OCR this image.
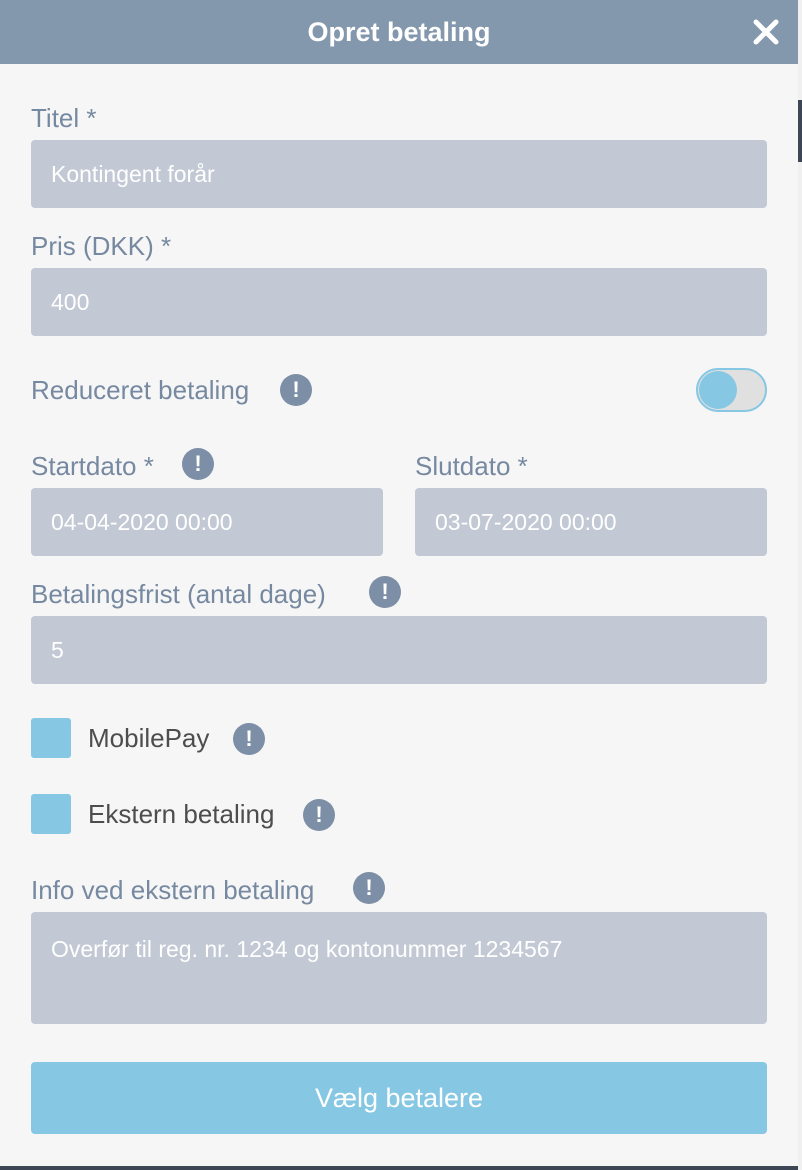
Opret betaling
Titel *
Kontingent forår
Pris (DKK) *
400
Reduceret betaling	!
Startdato *	!	Slutdato *
04-04-2020 00:00	03-07-2020 00:00
Betalingsfrist (antal dage)	!
5
MobilePay	!
Ekstern betaling	!
Info ved ekstern betaling	!
Overfør til reg. nr. 1234 og kontonummer 1234567
Vælg betalere
